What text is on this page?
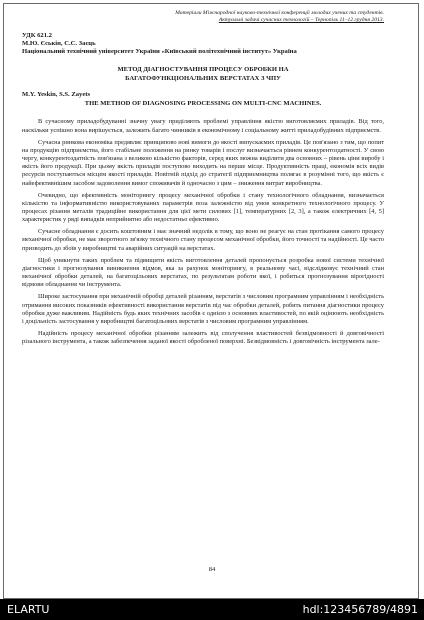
Матеріали Міжнародної науково-технічної конференції молодих учених та студентів.
Актуальні задачі сучасних технологій – Тернопіль 11–12 грудня 2013.
УДК 621.2
М.Ю. Єськін, С.С. Заєць
Національний технічний університет України «Київський політехнічний інститут» Україна
МЕТОД ДІАГНОСТУВАННЯ ПРОЦЕСУ ОБРОБКИ НА
БАГАТОФУНКЦІОНАЛЬНИХ ВЕРСТАТАХ З ЧПУ
M.Y. Yeskin, S.S. Zayets
THE METHOD OF DIAGNOSING PROCESSING ON MULTI-CNC MACHINES.

В сучасному приладобудуванні значну увагу приділяють проблемі управління якістю виготовляємих приладів. Від того, наскільки успішно вона вирішується, залежить багато чинників в економічному і соціальному житті приладобудівних підприємств.

Сучасна ринкова економіка предявляє принципово нові вимоги до якості випускаємих приладів. Це пов'язано з тим, що попит на продукцію підприємства, його стабільне положення на ринку товарів і послуг визначається рівнем конкурентоздатності. У свою чергу, конкурентоздатність пов'язана з великою кількістю факторів, серед яких можна виділити два основних – рівень ціни виробу і якість його продукції. При цьому якість приладів поступово виходить на перше місце. Продуктивність праці, економія всіх видів ресурсів поступаються місцем якості приладів. Новітній підхід до стратегії підприємництва полягає в розумінні того, що якість є найефективнішим засобом задоволення вимог споживачів й одночасно з цим – зниження витрат виробництва.

Очевидно, що ефективність моніторингу процесу механічної обробки і стану технологічного обладнання, визначається кількістю та інформативністю використовуваних параметрів поза залежністю від умов конкретного технологічного процесу. У процесах різання металів традиційне використання для цієї мети силових [1], температурних [2, 3], а також електричних [4, 5] характеристик у ряді випадків неприйнятно або недостатньо ефективно.

Сучасне обладнання є досить коштовним і має значний недолік в тому, що воно не реагує на стан протікання самого процесу механічної обробки, не має зворотного зв'язку технічного стану процесом механічної обробки, його точності та надійності. Це часто призводить до збоїв у виробництві та аварійних ситуацій на верстатах.

Щоб уникнути таких проблем та підвищити якість виготовлення деталей пропонується розробка нової системи технічної діагностики і прогнозування виникнення відмов, яка за рахунок моніторингу, в реальному часі, відслідковує технічний стан механічної обробки деталей, на багатоцільових верстатах, по результатам роботи якої, і робиться прогнозування вірогідності відмови обладнання чи інструмента.

Широке застосування при механічній обробці деталей різанням, верстатів з числовим програмним управлінням і необхідність отримання високих показників ефективності використання верстатів під час обробки деталей, робить питання діагностики процесу обробки дуже важливим. Надійність будь яких технічних засобів є однією з основних властивостей, по якій оцінюють необхідність і доцільність застосування у виробництві багатоцільових верстатів з числовим програмним управлінням.

Надійність процесу механічної обробки різанням залежить від сполучення властивостей безвідмовності й довговічності різального інструмента, а також забезпечення заданої якості обробленої поверхні. Безвідмовність і довговічність інструмента зале-

84
ELARTU	hdl:123456789/4891
